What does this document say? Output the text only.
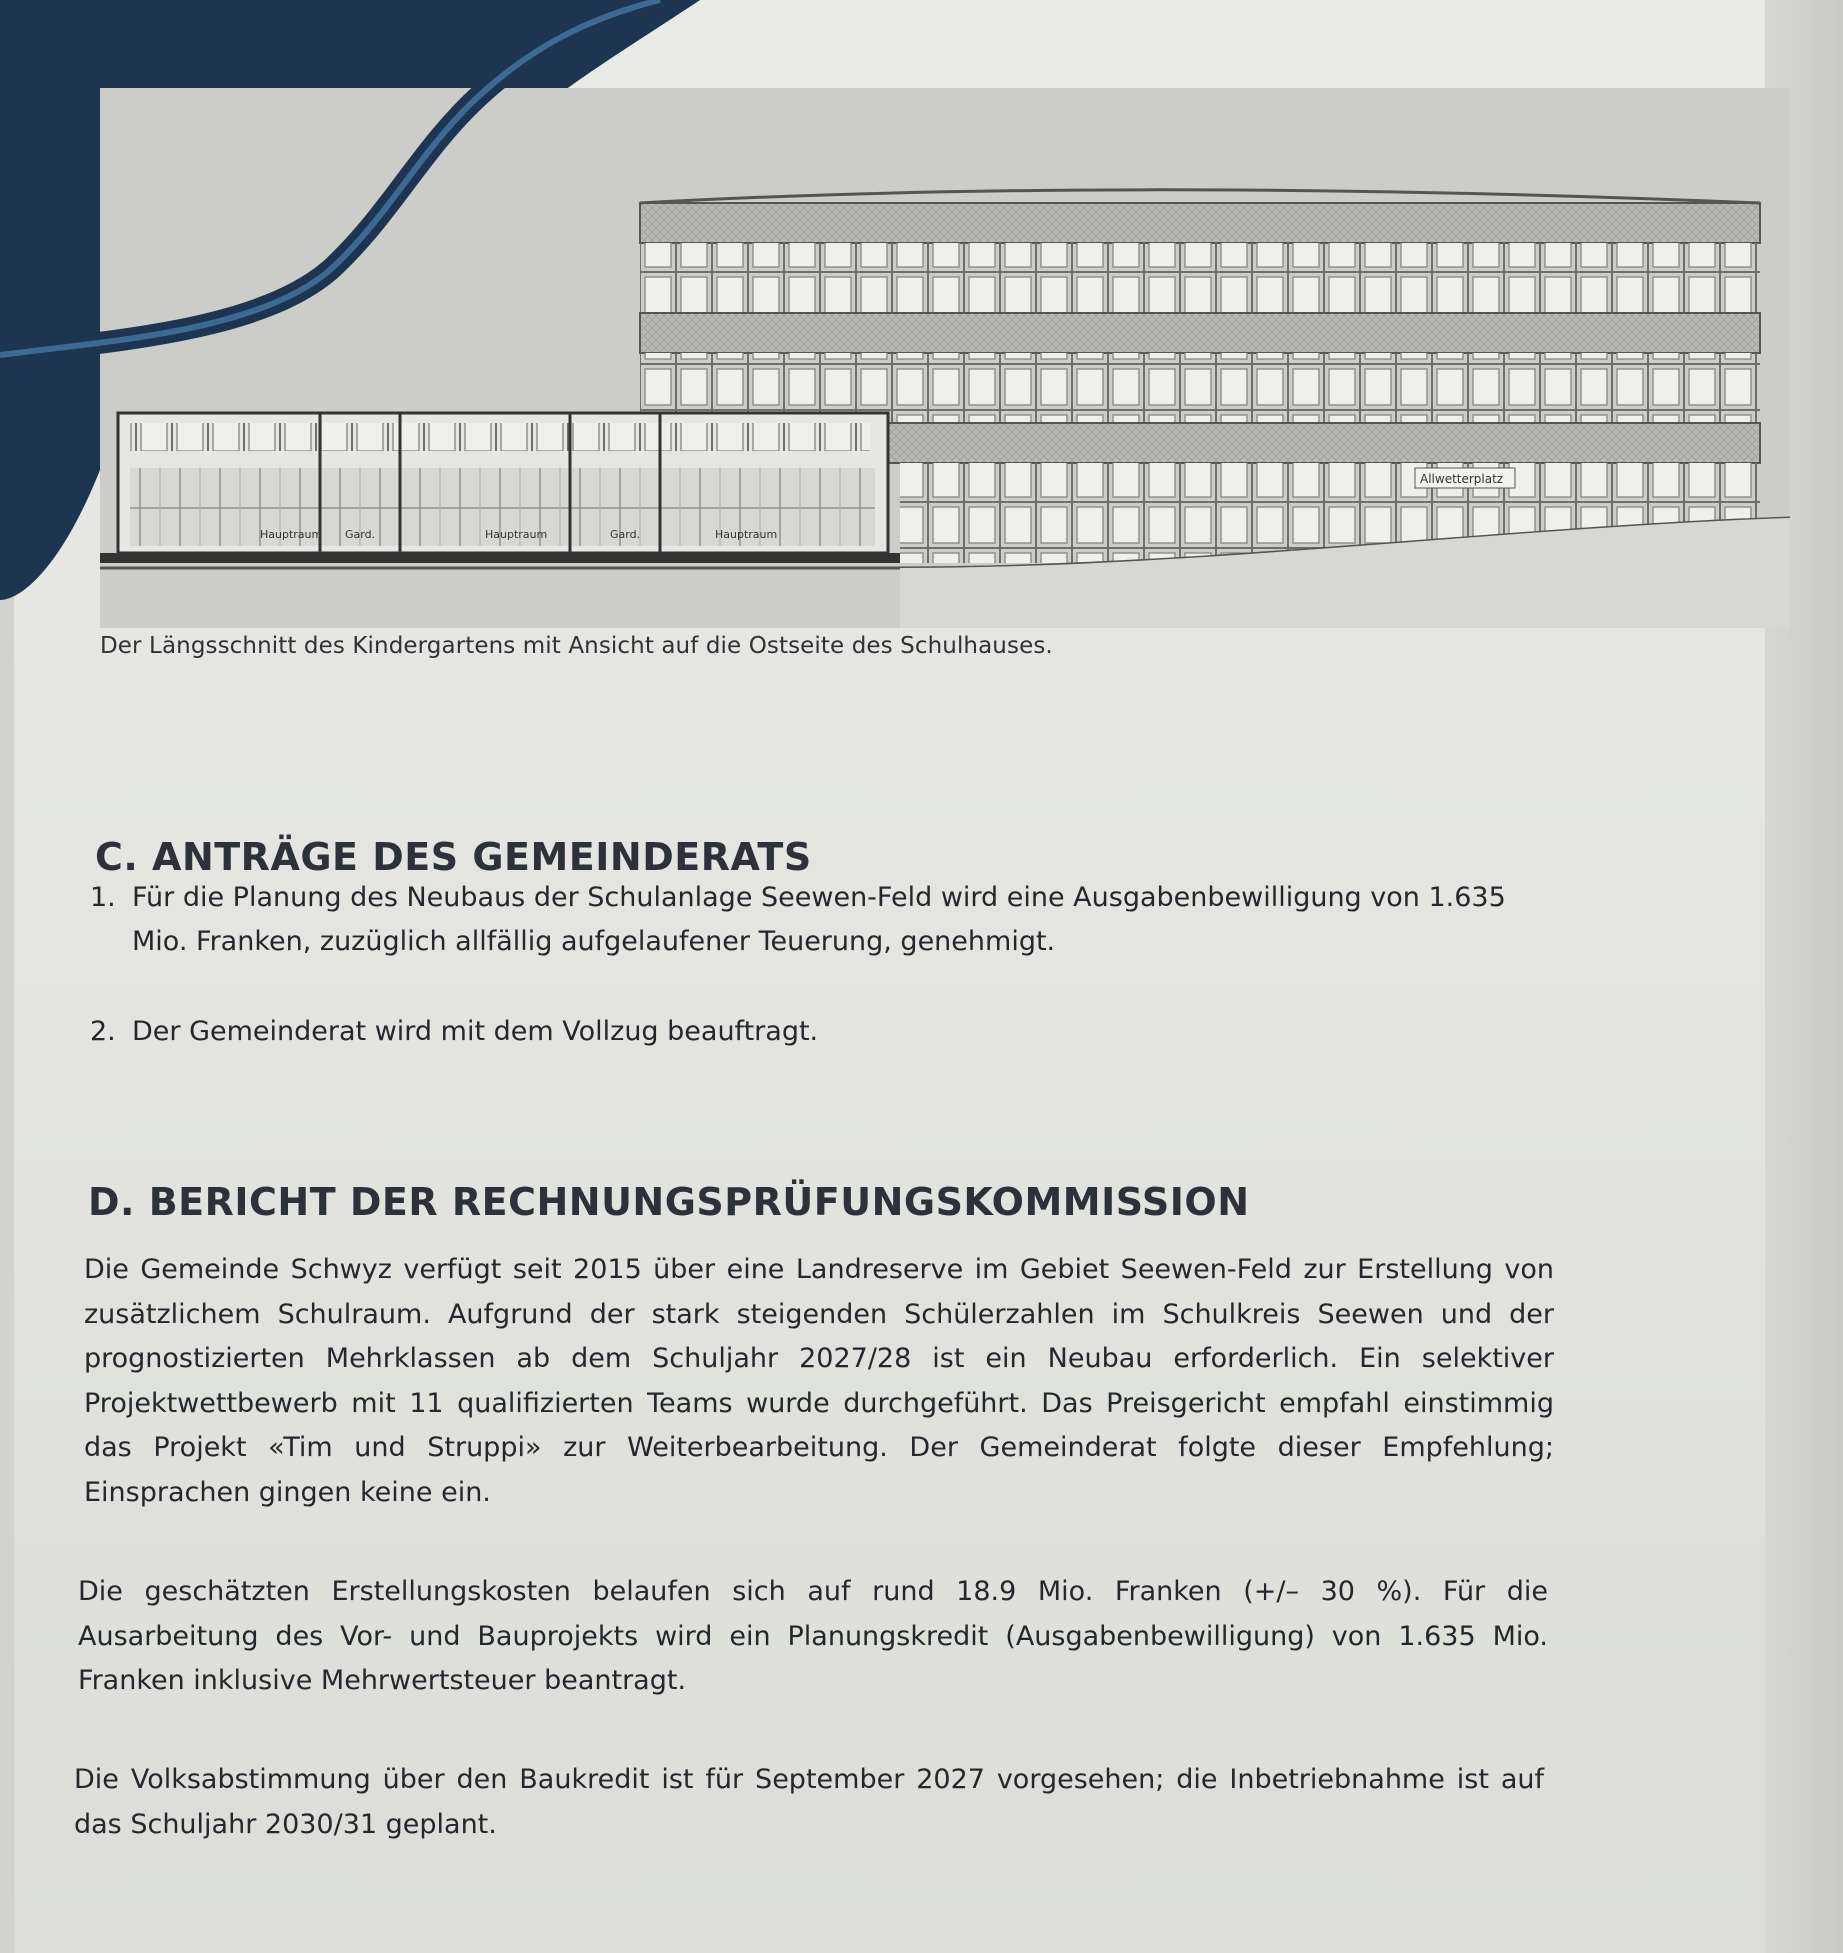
Hauptraum Gard.	Hauptraum	Gard.	Hauptraum
Allwetterplatz
Der Längsschnitt des Kindergartens mit Ansicht auf die Ostseite des Schulhauses.
C. ANTRÄGE DES GEMEINDERATS
1. Für die Planung des Neubaus der Schulanlage Seewen-Feld wird eine Ausgabenbewilligung von 1.635 Mio. Franken, zuzüglich allfällig aufgelaufener Teuerung, genehmigt.
2. Der Gemeinderat wird mit dem Vollzug beauftragt.
D. BERICHT DER RECHNUNGSPRÜFUNGSKOMMISSION

Die Gemeinde Schwyz verfügt seit 2015 über eine Landreserve im Gebiet Seewen-Feld zur Erstellung von zusätzlichem Schulraum. Aufgrund der stark steigenden Schülerzahlen im Schulkreis Seewen und der prognostizierten Mehrklassen ab dem Schuljahr 2027/28 ist ein Neubau erforderlich. Ein selektiver Projektwettbewerb mit 11 qualifizierten Teams wurde durchgeführt. Das Preisgericht empfahl einstimmig das Projekt «Tim und Struppi» zur Weiterbearbeitung. Der Gemeinderat folgte dieser Empfehlung; Einsprachen gingen keine ein.

Die geschätzten Erstellungskosten belaufen sich auf rund 18.9 Mio. Franken (+/– 30 %). Für die Ausarbeitung des Vor- und Bauprojekts wird ein Planungskredit (Ausgabenbewilligung) von 1.635 Mio. Franken inklusive Mehrwertsteuer beantragt.

Die Volksabstimmung über den Baukredit ist für September 2027 vorgesehen; die Inbetriebnahme ist auf das Schuljahr 2030/31 geplant.
